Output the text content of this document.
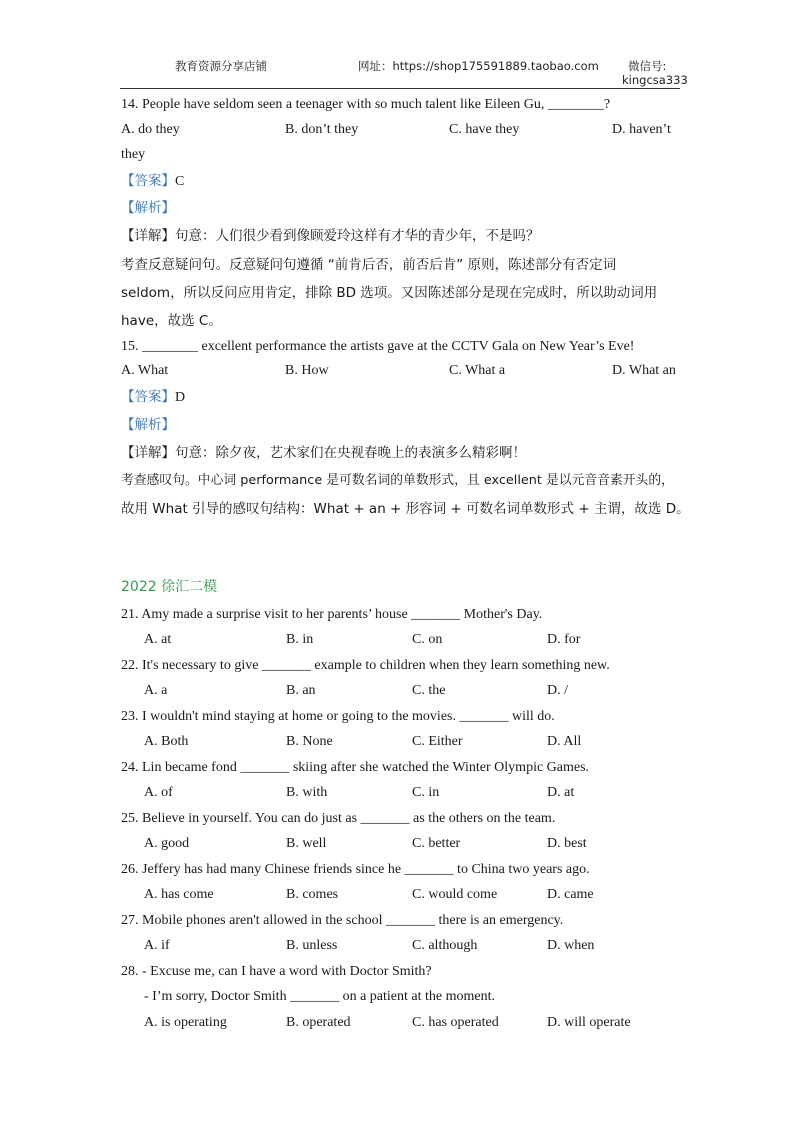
教育资源分享店铺	网址：https://shop175591889.taobao.com	微信号:
kingcsa333
14. People have seldom seen a teenager with so much talent like Eileen Gu, ________?
A. do they	B. don’t they	C. have they	D. haven’t
they
【答案】C
【解析】
【详解】句意：人们很少看到像顾爱玲这样有才华的青少年，不是吗？
考查反意疑问句。反意疑问句遵循 “前肯后否，前否后肯” 原则，陈述部分有否定词
seldom，所以反问应用肯定，排除 BD 选项。又因陈述部分是现在完成时，所以助动词用
have，故选 C。
15. ________ excellent performance the artists gave at the CCTV Gala on New Year’s Eve!
A. What	B. How	C. What a	D. What an
【答案】D
【解析】
【详解】句意：除夕夜，艺术家们在央视春晚上的表演多么精彩啊！
考查感叹句。中心词 performance 是可数名词的单数形式，且 excellent 是以元音音素开头的，
故用 What 引导的感叹句结构：What + an + 形容词 + 可数名词单数形式 + 主谓，故选 D。
2022 徐汇二模
21. Amy made a surprise visit to her parents’ house _______ Mother's Day.
A. at	B. in	C. on	D. for
22. It's necessary to give _______ example to children when they learn something new.
A. a	B. an	C. the	D. /
23. I wouldn't mind staying at home or going to the movies. _______ will do.
A. Both	B. None	C. Either	D. All
24. Lin became fond _______ skiing after she watched the Winter Olympic Games.
A. of	B. with	C. in	D. at
25. Believe in yourself. You can do just as _______ as the others on the team.
A. good	B. well	C. better	D. best
26. Jeffery has had many Chinese friends since he _______ to China two years ago.
A. has come	B. comes	C. would come	D. came
27. Mobile phones aren't allowed in the school _______ there is an emergency.
A. if	B. unless	C. although	D. when
28. - Excuse me, can I have a word with Doctor Smith?
- I’m sorry, Doctor Smith _______ on a patient at the moment.
A. is operating	B. operated	C. has operated	D. will operate
